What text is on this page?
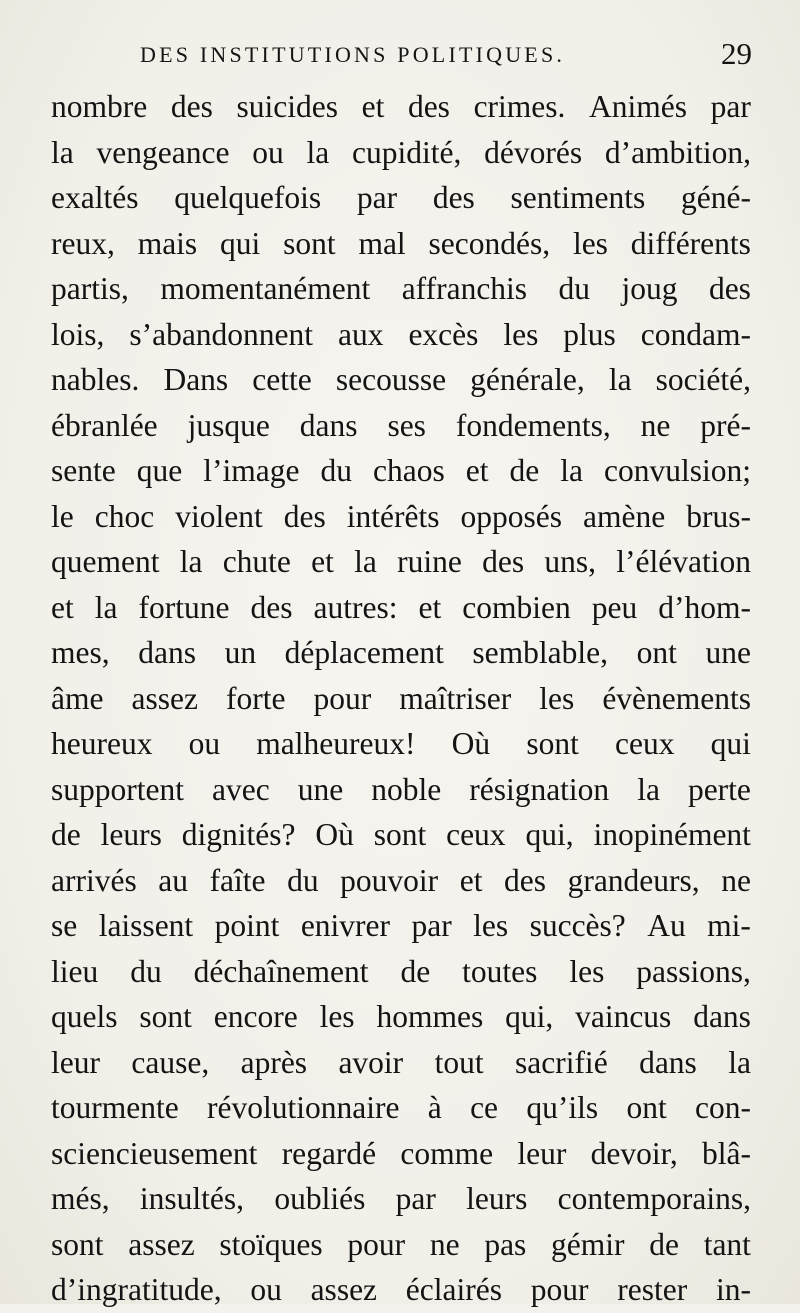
DES INSTITUTIONS POLITIQUES.	29
nombre des suicides et des crimes. Animés par
la vengeance ou la cupidité, dévorés d’ambition,
exaltés quelquefois par des sentiments géné-
reux, mais qui sont mal secondés, les différents
partis, momentanément affranchis du joug des
lois, s’abandonnent aux excès les plus condam-
nables. Dans cette secousse générale, la société,
ébranlée jusque dans ses fondements, ne pré-
sente que l’image du chaos et de la convulsion;
le choc violent des intérêts opposés amène brus-
quement la chute et la ruine des uns, l’élévation
et la fortune des autres: et combien peu d’hom-
mes, dans un déplacement semblable, ont une
âme assez forte pour maîtriser les évènements
heureux ou malheureux! Où sont ceux qui
supportent avec une noble résignation la perte
de leurs dignités? Où sont ceux qui, inopinément
arrivés au faîte du pouvoir et des grandeurs, ne
se laissent point enivrer par les succès? Au mi-
lieu du déchaînement de toutes les passions,
quels sont encore les hommes qui, vaincus dans
leur cause, après avoir tout sacrifié dans la
tourmente révolutionnaire à ce qu’ils ont con-
sciencieusement regardé comme leur devoir, blâ-
més, insultés, oubliés par leurs contemporains,
sont assez stoïques pour ne pas gémir de tant
d’ingratitude, ou assez éclairés pour rester in-
